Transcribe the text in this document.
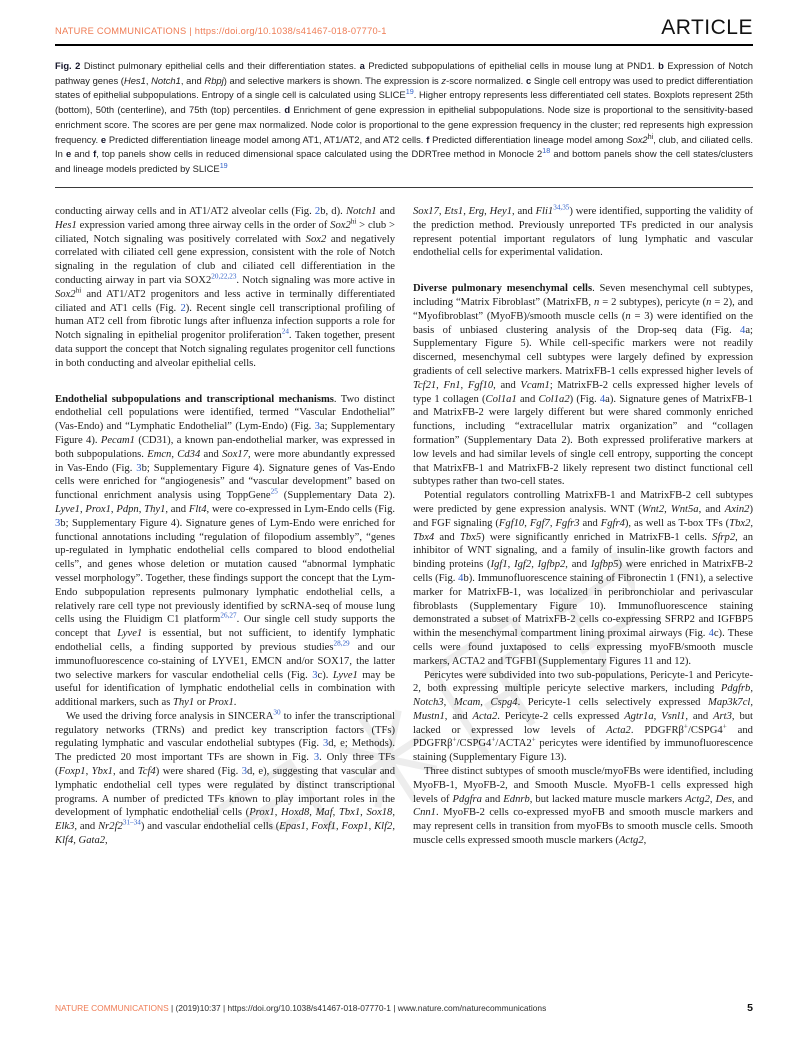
NATURE COMMUNICATIONS | https://doi.org/10.1038/s41467-018-07770-1	ARTICLE
Fig. 2 Distinct pulmonary epithelial cells and their differentiation states. a Predicted subpopulations of epithelial cells in mouse lung at PND1. b Expression of Notch pathway genes (Hes1, Notch1, and Rbpj) and selective markers is shown. The expression is z-score normalized. c Single cell entropy was used to predict differentiation states of epithelial subpopulations. Entropy of a single cell is calculated using SLICE$^{19}$. Higher entropy represents less differentiated cell states. Boxplots represent 25th (bottom), 50th (centerline), and 75th (top) percentiles. d Enrichment of gene expression in epithelial subpopulations. Node size is proportional to the sensitivity-based enrichment score. The scores are per gene max normalized. Node color is proportional to the gene expression frequency in the cluster; red represents high expression frequency. e Predicted differentiation lineage model among AT1, AT1/AT2, and AT2 cells. f Predicted differentiation lineage model among $Sox2^{hi}$, club, and ciliated cells. In e and f, top panels show cells in reduced dimensional space calculated using the DDRTree method in Monocle $2^{18}$ and bottom panels show the cell states/clusters and lineage models predicted by SLICE$^{19}$

conducting airway cells and in AT1/AT2 alveolar cells (Fig. 2b, d). Notch1 and Hes1 expression varied among three airway cells in the order of $Sox2^{hi}$ > club > ciliated, Notch signaling was positively correlated with Sox2 and negatively correlated with ciliated cell gene expression, consistent with the role of Notch signaling in the regulation of club and ciliated cell differentiation in the conducting airway in part via SOX2$^{20,22,23}$. Notch signaling was more active in $Sox2^{hi}$ and AT1/AT2 progenitors and less active in terminally differentiated ciliated and AT1 cells (Fig. 2). Recent single cell transcriptional profiling of human AT2 cell from fibrotic lungs after influenza infection supports a role for Notch signaling in epithelial progenitor proliferation$^{24}$. Taken together, present data support the concept that Notch signaling regulates progenitor cell functions in both conducting and alveolar epithelial cells.

Endothelial subpopulations and transcriptional mechanisms. Two distinct endothelial cell populations were identified, termed “Vascular Endothelial” (Vas-Endo) and “Lymphatic Endothelial” (Lym-Endo) (Fig. 3a; Supplementary Figure 4). Pecam1 (CD31), a known pan-endothelial marker, was expressed in both subpopulations. Emcn, Cd34 and Sox17, were more abundantly expressed in Vas-Endo (Fig. 3b; Supplementary Figure 4). Signature genes of Vas-Endo cells were enriched for “angiogenesis” and “vascular development” based on functional enrichment analysis using ToppGene$^{25}$ (Supplementary Data 2). Lyve1, Prox1, Pdpn, Thy1, and Flt4, were co-expressed in Lym-Endo cells (Fig. 3b; Supplementary Figure 4). Signature genes of Lym-Endo were enriched for functional annotations including “regulation of filopodium assembly”, “genes up-regulated in lymphatic endothelial cells compared to blood endothelial cells”, and genes whose deletion or mutation caused “abnormal lymphatic vessel morphology”. Together, these findings support the concept that the Lym-Endo subpopulation represents pulmonary lymphatic endothelial cells, a relatively rare cell type not previously identified by scRNA-seq of mouse lung cells using the Fluidigm C1 platform$^{26,27}$. Our single cell study supports the concept that Lyve1 is essential, but not sufficient, to identify lymphatic endothelial cells, a finding supported by previous studies$^{28,29}$ and our immunofluorescence co-staining of LYVE1, EMCN and/or SOX17, the latter two selective markers for vascular endothelial cells (Fig. 3c). Lyve1 may be useful for identification of lymphatic endothelial cells in combination with additional markers, such as Thy1 or Prox1.

We used the driving force analysis in SINCERA$^{30}$ to infer the transcriptional regulatory networks (TRNs) and predict key transcription factors (TFs) regulating lymphatic and vascular endothelial subtypes (Fig. 3d, e; Methods). The predicted 20 most important TFs are shown in Fig. 3. Only three TFs (Foxp1, Ybx1, and Tcf4) were shared (Fig. 3d, e), suggesting that vascular and lymphatic endothelial cell types were regulated by distinct transcriptional programs. A number of predicted TFs known to play important roles in the development of lymphatic endothelial cells (Prox1, Hoxd8, Maf, Tbx1, Sox18, Elk3, and Nr2f2$^{31-34}$) and vascular endothelial cells (Epas1, Foxf1, Foxp1, Klf2, Klf4, Gata2,

Sox17, Ets1, Erg, Hey1, and Fli1$^{34,35}$) were identified, supporting the validity of the prediction method. Previously unreported TFs predicted in our analysis represent potential important regulators of lung lymphatic and vascular endothelial cells for experimental validation.

Diverse pulmonary mesenchymal cells. Seven mesenchymal cell subtypes, including “Matrix Fibroblast” (MatrixFB, n = 2 subtypes), pericyte (n = 2), and “Myofibroblast” (MyoFB)/smooth muscle cells (n = 3) were identified on the basis of unbiased clustering analysis of the Drop-seq data (Fig. 4a; Supplementary Figure 5). While cell-specific markers were not readily discerned, mesenchymal cell subtypes were largely defined by expression gradients of cell selective markers. MatrixFB-1 cells expressed higher levels of Tcf21, Fn1, Fgf10, and Vcam1; MatrixFB-2 cells expressed higher levels of type 1 collagen (Col1a1 and Col1a2) (Fig. 4a). Signature genes of MatrixFB-1 and MatrixFB-2 were largely different but were shared commonly enriched functions, including “extracellular matrix organization” and “collagen formation” (Supplementary Data 2). Both expressed proliferative markers at low levels and had similar levels of single cell entropy, supporting the concept that MatrixFB-1 and MatrixFB-2 likely represent two distinct functional cell subtypes rather than two-cell states.

Potential regulators controlling MatrixFB-1 and MatrixFB-2 cell subtypes were predicted by gene expression analysis. WNT (Wnt2, Wnt5a, and Axin2) and FGF signaling (Fgf10, Fgf7, Fgfr3 and Fgfr4), as well as T-box TFs (Tbx2, Tbx4 and Tbx5) were significantly enriched in MatrixFB-1 cells. Sfrp2, an inhibitor of WNT signaling, and a family of insulin-like growth factors and binding proteins (Igf1, Igf2, Igfbp2, and Igfbp5) were enriched in MatrixFB-2 cells (Fig. 4b). Immunofluorescence staining of Fibronectin 1 (FN1), a selective marker for MatrixFB-1, was localized in peribronchiolar and perivascular fibroblasts (Supplementary Figure 10). Immunofluorescence staining demonstrated a subset of MatrixFB-2 cells co-expressing SFRP2 and IGFBP5 within the mesenchymal compartment lining proximal airways (Fig. 4c). These cells were found juxtaposed to cells expressing myoFB/smooth muscle markers, ACTA2 and TGFBI (Supplementary Figures 11 and 12).

Pericytes were subdivided into two sub-populations, Pericyte-1 and Pericyte-2, both expressing multiple pericyte selective markers, including Pdgfrb, Notch3, Mcam, Cspg4. Pericyte-1 cells selectively expressed Map3k7cl, Mustn1, and Acta2. Pericyte-2 cells expressed Agtr1a, Vsnl1, and Art3, but lacked or expressed low levels of Acta2. PDGFRβ+/CSPG4+ and PDGFRβ+/CSPG4+/ACTA2+ pericytes were identified by immunofluorescence staining (Supplementary Figure 13).

Three distinct subtypes of smooth muscle/myoFBs were identified, including MyoFB-1, MyoFB-2, and Smooth Muscle. MyoFB-1 cells expressed high levels of Pdgfra and Ednrb, but lacked mature muscle markers Actg2, Des, and Cnn1. MyoFB-2 cells co-expressed myoFB and smooth muscle markers and may represent cells in transition from myoFBs to smooth muscle cells. Smooth muscle cells expressed smooth muscle markers (Actg2,

NATURE COMMUNICATIONS | (2019)10:37 | https://doi.org/10.1038/s41467-018-07770-1 | www.nature.com/naturecommunications	5
